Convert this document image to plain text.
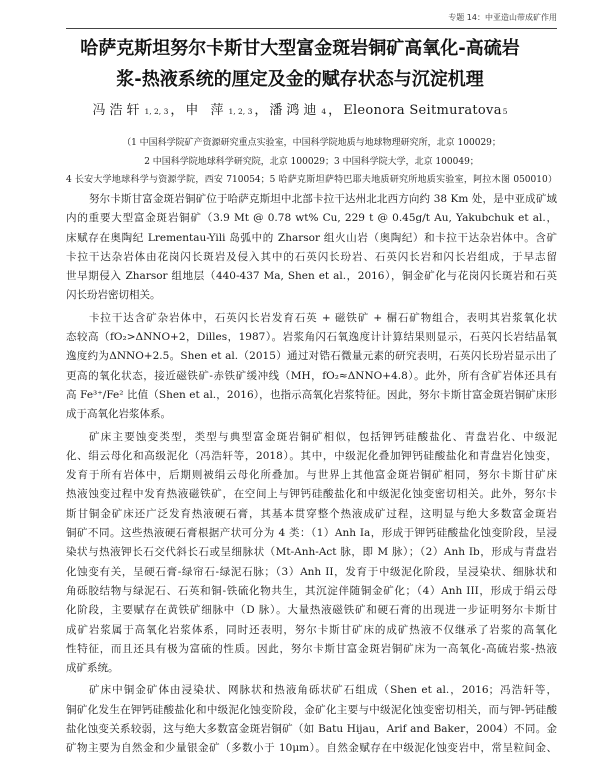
专题 14：中亚造山带成矿作用
哈萨克斯坦努尔卡斯甘大型富金斑岩铜矿高氧化-高硫岩
浆-热液系统的厘定及金的赋存状态与沉淀机理
冯浩轩 1, 2, 3 ， 申 萍 1, 2, 3 ， 潘鸿迪 4 ， Eleonora Seitmuratova 5
（1 中国科学院矿产资源研究重点实验室，中国科学院地质与地球物理研究所，北京 100029；
2 中国科学院地球科学研究院，北京 100029；3 中国科学院大学，北京 100049；
4 长安大学地球科学与资源学院，西安 710054；5 哈萨克斯坦萨特巴耶夫地质研究所地质实验室，阿拉木图 050010）
努尔卡斯甘富金斑岩铜矿位于哈萨克斯坦中北部卡拉干达州北北西方向约 38 Km 处，是中亚成矿域
内的重要大型富金斑岩铜矿（3.9 Mt @ 0.78 wt% Cu, 229 t @ 0.45g/t Au, Yakubchuk et al.，
床赋存在奥陶纪 Lrementau-Yili 岛弧中的 Zharsor 组火山岩（奥陶纪）和卡拉干达杂岩体中。含矿
卡拉干达杂岩体由花岗闪长斑岩及侵入其中的石英闪长玢岩、石英闪长岩和闪长岩组成，于早志留
世早期侵入 Zharsor 组地层（440-437 Ma, Shen et al.，2016），铜金矿化与花岗闪长斑岩和石英
闪长玢岩密切相关。
卡拉干达含矿杂岩体中，石英闪长岩发育石英 + 磁铁矿 + 榍石矿物组合，表明其岩浆氧化状
态较高（fO₂>ΔNNO+2，Dilles，1987）。岩浆角闪石氧逸度计计算结果则显示，石英闪长岩结晶氧
逸度约为ΔNNO+2.5。Shen et al.（2015）通过对锆石微量元素的研究表明，石英闪长玢岩显示出了
更高的氧化状态，接近磁铁矿-赤铁矿缓冲线（MH，fO₂≈ΔNNO+4.8）。此外，所有含矿岩体还具有
高 Fe³⁺/Fe² 比值（Shen et al.，2016），也指示高氧化岩浆特征。因此，努尔卡斯甘富金斑岩铜矿床形
成于高氧化岩浆体系。
矿床主要蚀变类型，类型与典型富金斑岩铜矿相似，包括钾钙硅酸盐化、青盘岩化、中级泥
化、绢云母化和高级泥化（冯浩轩等，2018）。其中，中级泥化叠加钾钙硅酸盐化和青盘岩化蚀变，
发育于所有岩体中，后期则被绢云母化所叠加。与世界上其他富金斑岩铜矿相同，努尔卡斯甘矿床
热液蚀变过程中发育热液磁铁矿，在空间上与钾钙硅酸盐化和中级泥化蚀变密切相关。此外，努尔卡
斯甘铜金矿床还广泛发育热液硬石膏，其基本贯穿整个热液成矿过程，这明显与绝大多数富金斑岩
铜矿不同。这些热液硬石膏根据产状可分为 4 类：（1）Anh Ia，形成于钾钙硅酸盐化蚀变阶段，呈浸
染状与热液钾长石交代斜长石或呈细脉状（Mt-Anh-Act 脉，即 M 脉）；（2）Anh Ib，形成与青盘岩
化蚀变有关，呈硬石膏-绿帘石-绿泥石脉；（3）Anh II，发育于中级泥化阶段，呈浸染状、细脉状和
角砾胶结物与绿泥石、石英和铜-铁硫化物共生，其沉淀伴随铜金矿化；（4）Anh III，形成于绢云母
化阶段，主要赋存在黄铁矿细脉中（D 脉）。大量热液磁铁矿和硬石膏的出现进一步证明努尔卡斯甘
成矿岩浆属于高氧化岩浆体系，同时还表明，努尔卡斯甘矿床的成矿热液不仅继承了岩浆的高氧化
性特征，而且还具有极为富硫的性质。因此，努尔卡斯甘富金斑岩铜矿床为一高氧化-高硫岩浆-热液
成矿系统。
矿床中铜金矿体由浸染状、网脉状和热液角砾状矿石组成（Shen et al.，2016；冯浩轩等，
铜矿化发生在钾钙硅酸盐化和中级泥化蚀变阶段，金矿化主要与中级泥化蚀变密切相关，而与钾-钙硅酸
盐化蚀变关系较弱，这与绝大多数富金斑岩铜矿（如 Batu Hijau，Arif and Baker，2004）不同。金
矿物主要为自然金和少量银金矿（多数小于 10μm）。自然金赋存在中级泥化蚀变岩中，常呈粒间金、
